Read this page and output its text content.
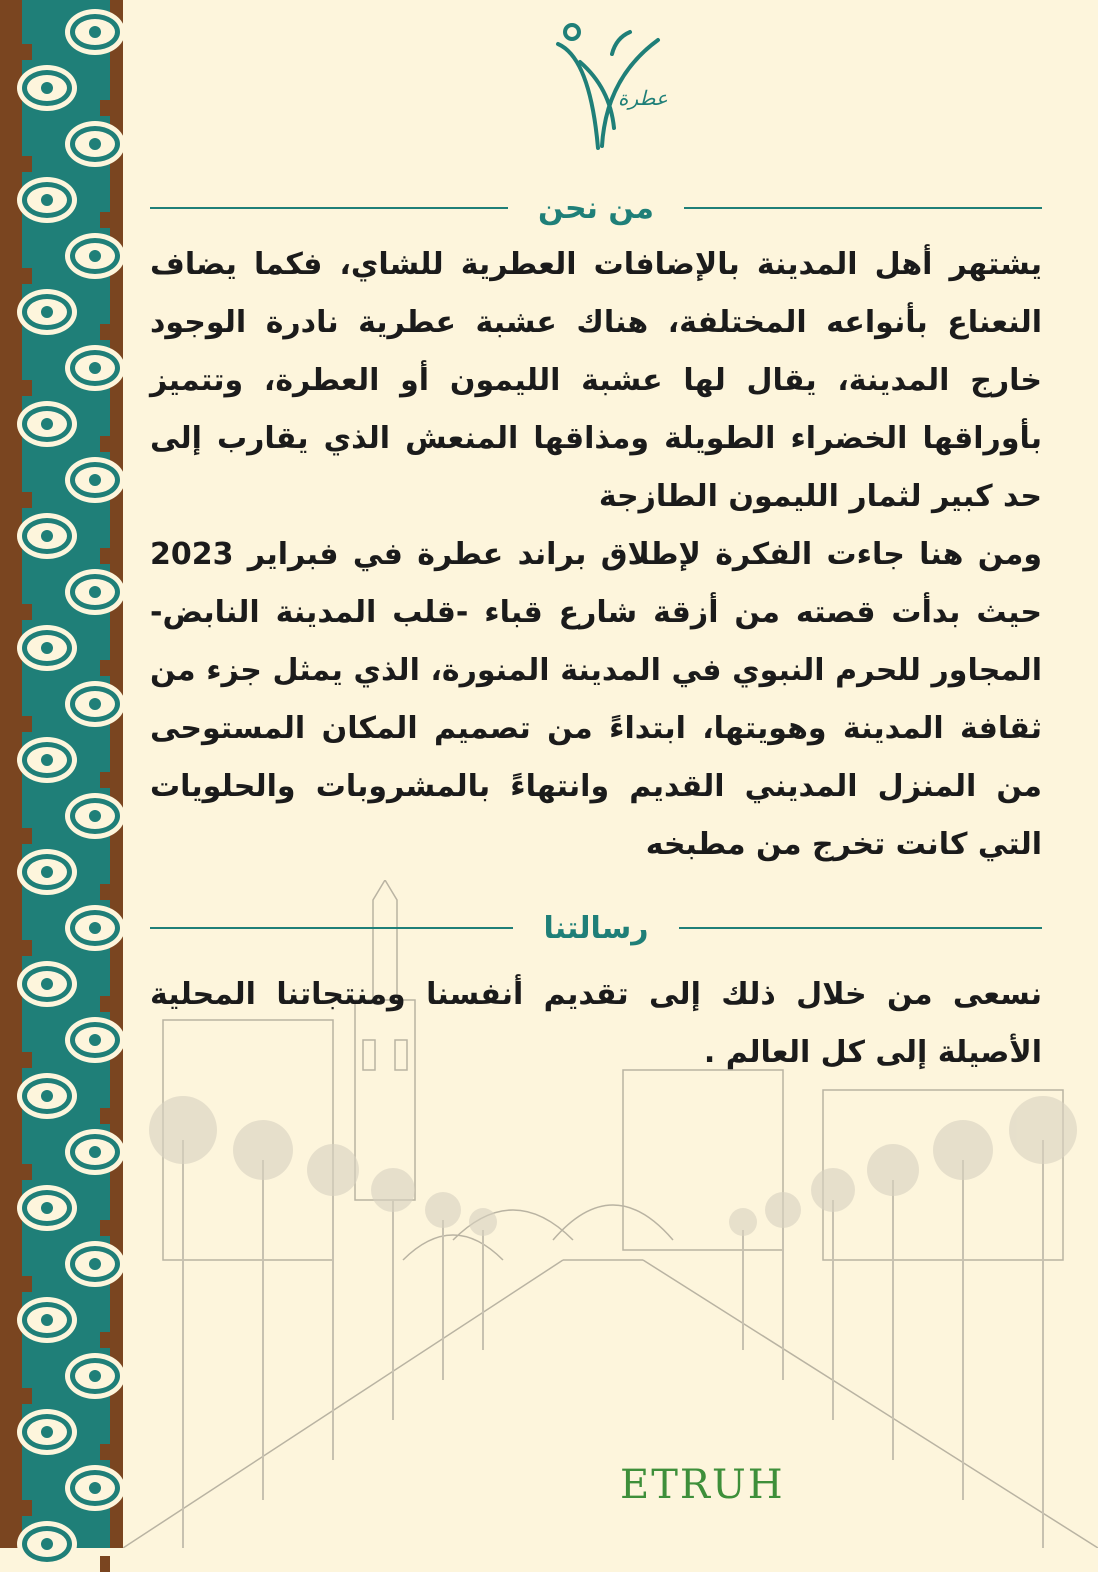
عطرة
من نحن

يشتهر أهل المدينة بالإضافات العطرية للشاي، فكما يضاف النعناع بأنواعه المختلفة، هناك عشبة عطرية نادرة الوجود خارج المدينة، يقال لها عشبة الليمون أو العطرة، وتتميز بأوراقها الخضراء الطويلة ومذاقها المنعش الذي يقارب إلى حد كبير لثمار الليمون الطازجة

ومن هنا جاءت الفكرة لإطلاق براند عطرة في فبراير 2023 حيث بدأت قصته من أزقة شارع قباء -قلب المدينة النابض- المجاور للحرم النبوي في المدينة المنورة، الذي يمثل جزء من ثقافة المدينة وهويتها، ابتداءً من تصميم المكان المستوحى من المنزل المديني القديم وانتهاءً بالمشروبات والحلويات التي كانت تخرج من مطبخه

رسالتنا

نسعى من خلال ذلك إلى تقديم أنفسنا ومنتجاتنا المحلية الأصيلة إلى كل العالم .

ETRUH
